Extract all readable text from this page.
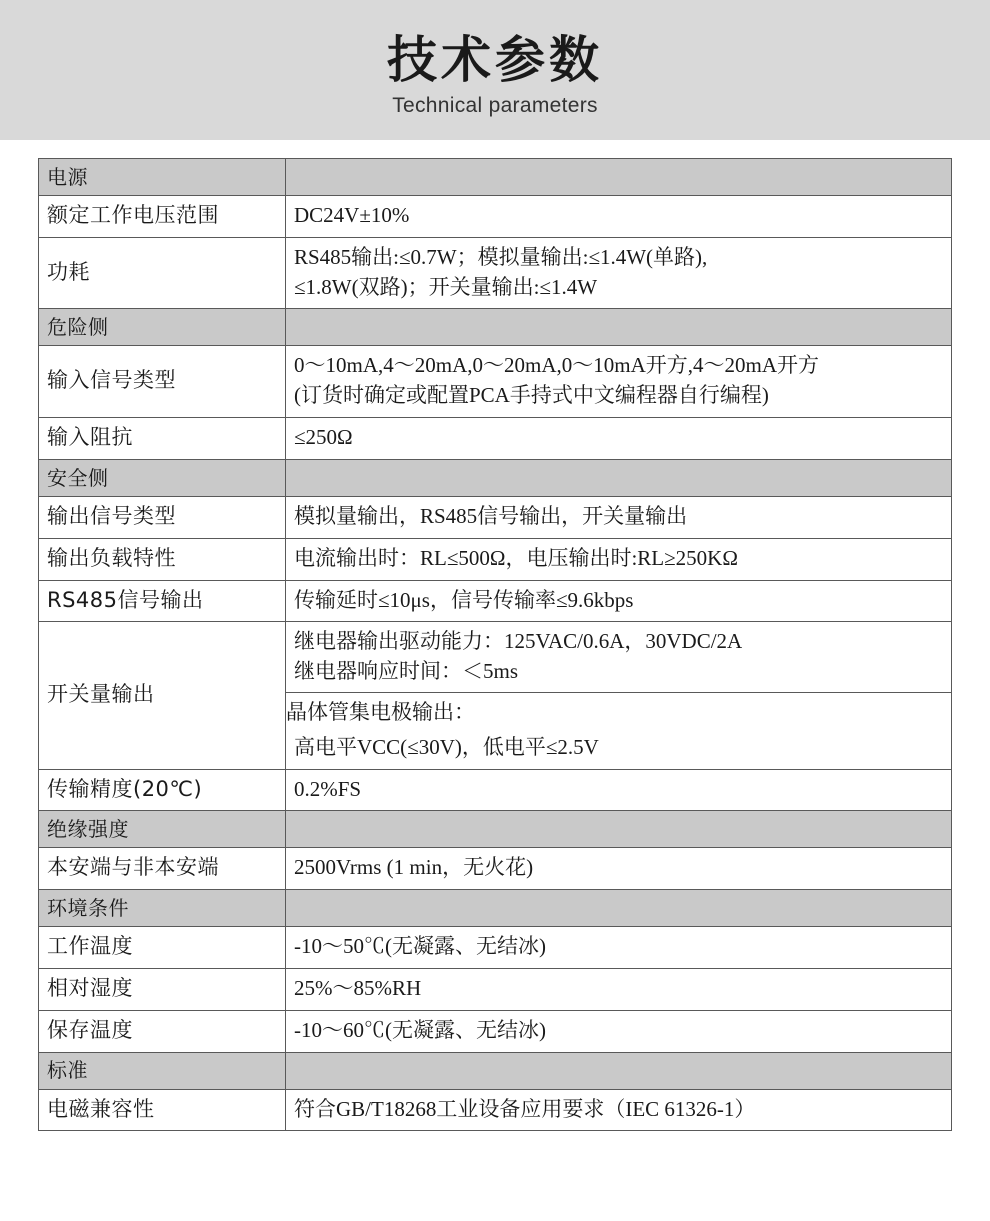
技术参数
Technical parameters
电源	
额定工作电压范围	DC24V±10%
功耗	RS485输出:≤0.7W；模拟量输出:≤1.4W(单路),
≤1.8W(双路)；开关量输出:≤1.4W

危险侧	
输入信号类型	0～10mA,4～20mA,0～20mA,0～10mA开方,4～20mA开方
(订货时确定或配置PCA手持式中文编程器自行编程)

输入阻抗	≤250Ω
安全侧	
输出信号类型	模拟量输出，RS485信号输出，开关量输出
输出负载特性	电流输出时：RL≤500Ω，电压输出时:RL≥250KΩ
RS485信号输出	传输延时≤10μs，信号传输率≤9.6kbps
开关量输出	继电器输出驱动能力：125VAC/0.6A，30VDC/2A
继电器响应时间：＜5ms
晶体管集电极输出：
高电平VCC(≤30V)，低电平≤2.5V

传输精度(20℃)	0.2%FS
绝缘强度	
本安端与非本安端	2500Vrms (1 min，无火花)
环境条件	
工作温度	-10～50℃(无凝露、无结冰)
相对湿度	25%～85%RH
保存温度	-10～60℃(无凝露、无结冰)
标准	
电磁兼容性	符合GB/T18268工业设备应用要求（IEC 61326-1）
